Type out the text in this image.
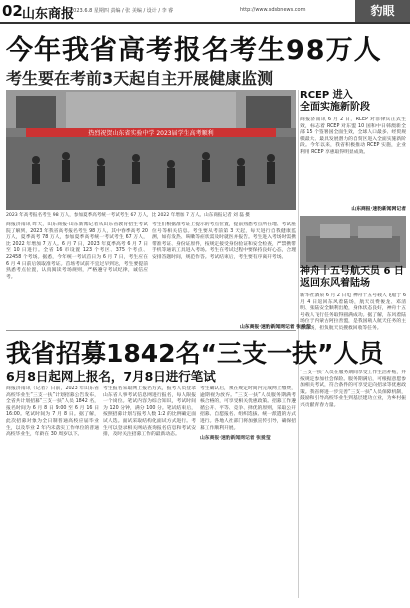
02 山东商报
2023.6.8 星期四 责编 / 张 美编 / 设计 / 李 睿	http://www.sdsbnews.com	豹眼
今年我省高考报名考生98万人
考生要在考前3天起自主开展健康监测
热烈祝贺山东省实验中学 2023届学生高考顺利
2023 年高考报名考生 98 万人，参加夏季高考统一考试考生 67 万人，比 2022 年增加 7 万人。山东商报记者 刘 磊 摄
商报济南讯 昨天，山东商报·山东新闻记者从山东省教育招生考试院了解到，2023 年我省高考报名考生 98 万人，其中春季高考 20 万人，夏季高考 78 万人，参加夏季高考统一考试考生 67 万人，比 2022 年增加 7 万人。6 月 7 日，2023 年夏季高考 6 月 7 日至 10 日进行。全省 16 市设置 123 个考区、375 个考点、22458 个考场。据悉，今年统一考试首日为 6 月 7 日，考生应在 6 月 4 日前后领取准考证。首场考试前不宜过早到达，考生要提前熟悉考点位置，认真阅读考场规则，严格遵守考试纪律，诚信应考。
考生们根据准考证上提示的考点位置，提前熟悉考点所在地、考试座位号等相关信息。考生要从考前第 3 天起，每天进行自我健康监测，如有发热、咳嗽等症状需及时就医并报告。考生进入考场时需携带准考证、身份证原件，按规定接受身份验证和安全检查，严禁携带手机等通讯工具进入考场。考生在考试过程中要保持良好心态，合理安排答题时间，规范作答。考试结束后，考生要有序离开考场。
山东商报·速豹新闻网记者 张爱莹
RCEP 进入
全面实施新阶段
商报济南讯 6 月 2 日，RCEP 对菲律宾正式生效，标志着 RCEP 对东盟 10 国和中日韩澳新全部 15 个签署国全面生效，全球人口最多、经贸规模最大、最具发展潜力的自贸区进入全面实施新阶段。今年以来，我省积极推动 RCEP 实施，企业利用 RCEP 享惠取得明显成效。
山东商报·速豹新闻网记者
神舟十五号航天员 6 日
返回东风着陆场
新华社酒泉 6 月 2 日电 神舟十五号载人飞船于 6 月 4 日返回东风着陆场，航天员费俊龙、邓清明、张陆安全顺利出舱，身体状态良好，神舟十五号载人飞行任务取得圆满成功。据了解，东风着陆场位于内蒙古阿拉善盟，是我国载人航天任务的主着陆场，担负航天员搜救回收等任务。
我省招募1842名“三支一扶”人员
6月8日起网上报名，7月8日进行笔试
商报济南讯（记者）日前，2023 年山东省高校毕业生“三支一扶”计划招募公告发布，全省共计划招募“三支一扶”人员 1842 名，报名时间为 6 月 8 日 9:00 至 6 月 16 日 16:00。笔试时间为 7 月 8 日。据了解，此次招募对象为全日制普通高校应届毕业生，以及毕业 2 年内未落实工作单位的普通高校毕业生，年龄在 30 周岁以下。
考生报名采取网上报名方式，报考人员登录山东省人事考试信息网进行报名，每人限报一个岗位。笔试内容为综合知识，考试时间为 120 分钟，满分 100 分。笔试结束后，按照招募计划与报考人数 1:2 的比例确定面试人选。面试采取结构化面试方式进行。考生可以登录相关网站查询报名信息和考试安排，及时关注招募工作的最新动态。
考生确认后，须在规定时间内完成网上缴费，逾期视为放弃。“三支一扶”人员服务期满考核合格的，可享受相关优惠政策。招募工作遵循公开、平等、竞争、择优的原则，采取公开招募、自愿报名、组织选拔、统一派遣的方式进行。各地人社部门将加强宣传引导，确保招募工作顺利开展。
山东商报·速豹新闻网记者 张爱莹
“三支一扶”人员在服务期间享受工作生活补贴，并按规定参加社会保险。服务期满后，可根据意愿参加相关考试，符合条件的可享受定向招录等优惠政策。我省将进一步完善“三支一扶”人员保障机制，鼓励和引导高校毕业生到基层建功立业，为乡村振兴贡献青春力量。
